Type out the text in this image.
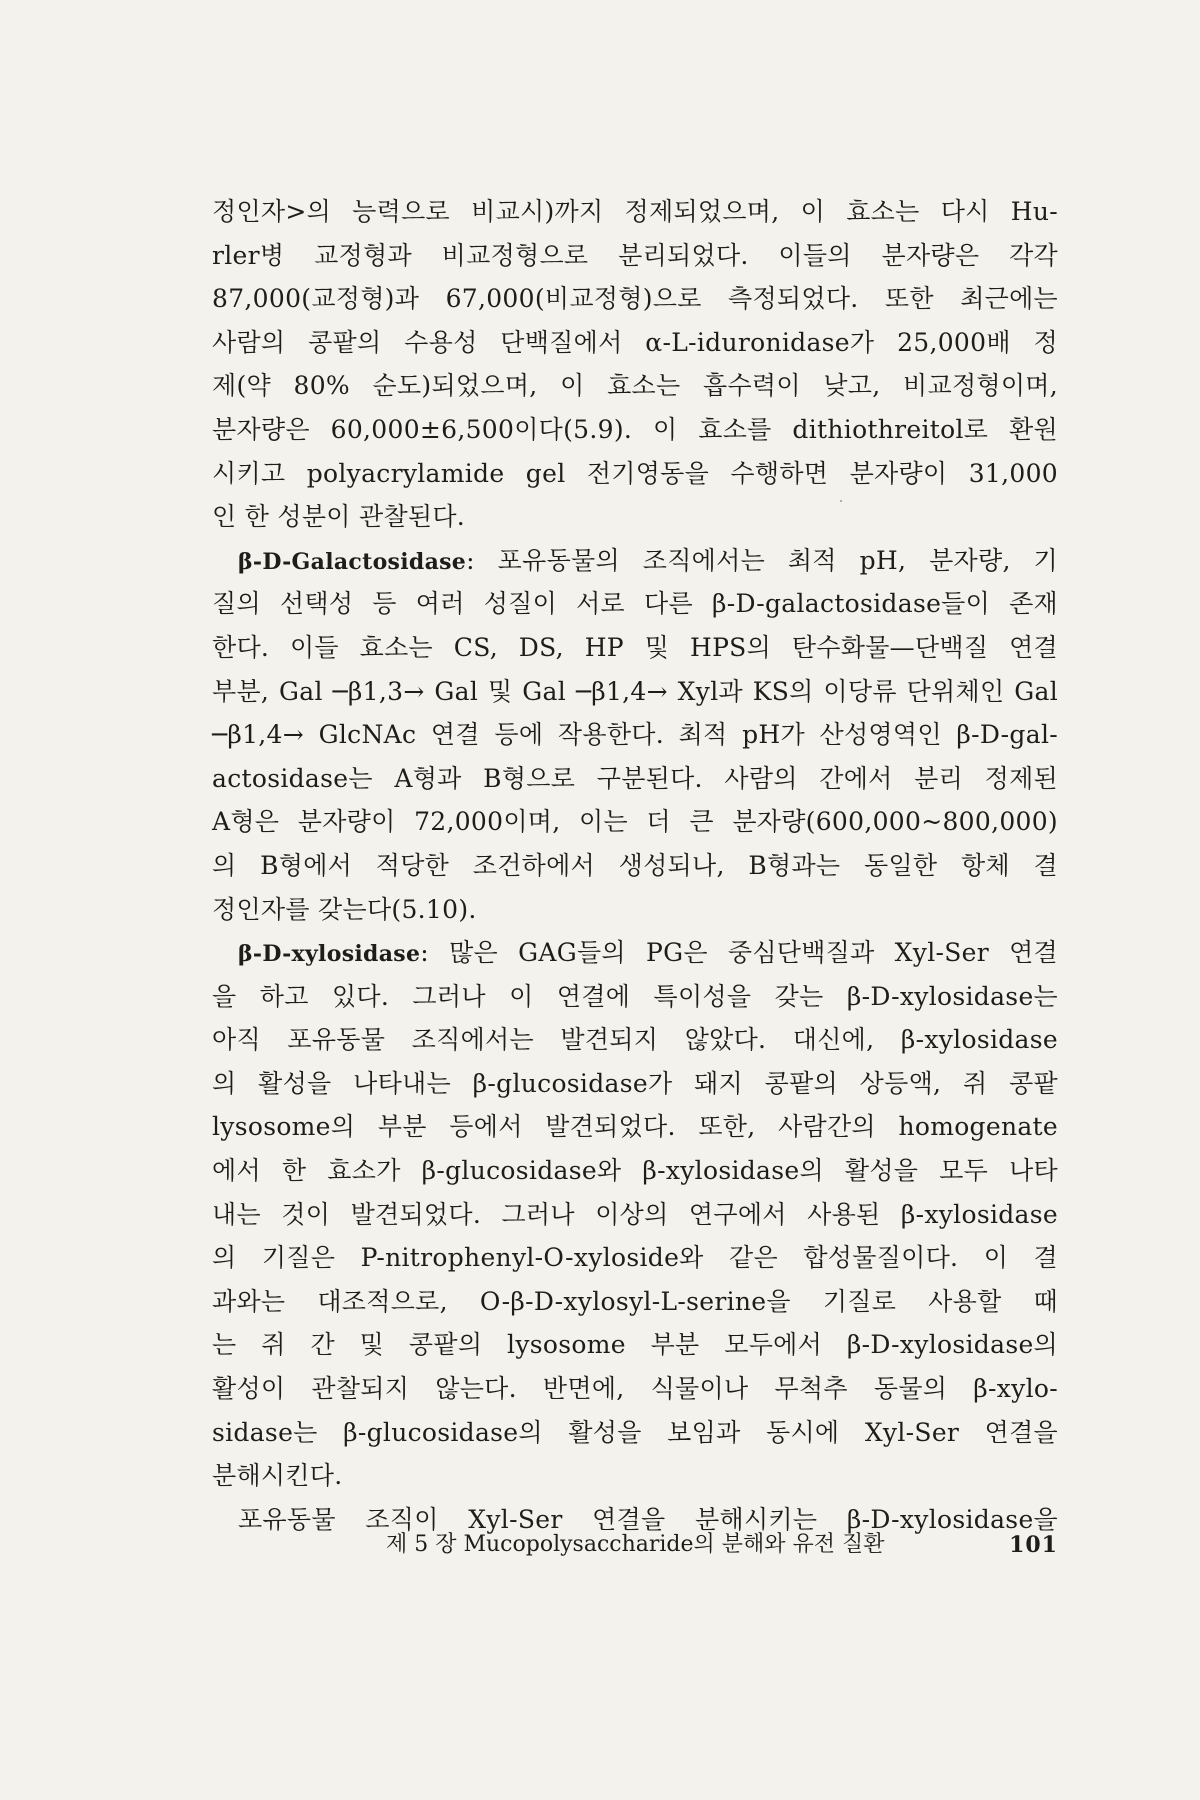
정인자>의 능력으로 비교시)까지 정제되었으며, 이 효소는 다시 Hu-
rler병 교정형과 비교정형으로 분리되었다. 이들의 분자량은 각각
87,000(교정형)과 67,000(비교정형)으로 측정되었다. 또한 최근에는
사람의 콩팥의 수용성 단백질에서 α-L-iduronidase가 25,000배 정
제(약 80% 순도)되었으며, 이 효소는 흡수력이 낮고, 비교정형이며,
분자량은 60,000±6,500이다(5.9). 이 효소를 dithiothreitol로 환원
시키고 polyacrylamide gel 전기영동을 수행하면 분자량이 31,000
인 한 성분이 관찰된다.
β-D-Galactosidase: 포유동물의 조직에서는 최적 pH, 분자량, 기
질의 선택성 등 여러 성질이 서로 다른 β-D-galactosidase들이 존재
한다. 이들 효소는 CS, DS, HP 및 HPS의 탄수화물—단백질 연결
부분, Gal ─β1,3→ Gal 및 Gal ─β1,4→ Xyl과 KS의 이당류 단위체인 Gal
─β1,4→ GlcNAc 연결 등에 작용한다. 최적 pH가 산성영역인 β-D-gal-
actosidase는 A형과 B형으로 구분된다. 사람의 간에서 분리 정제된
A형은 분자량이 72,000이며, 이는 더 큰 분자량(600,000~800,000)
의 B형에서 적당한 조건하에서 생성되나, B형과는 동일한 항체 결
정인자를 갖는다(5.10).
β-D-xylosidase: 많은 GAG들의 PG은 중심단백질과 Xyl-Ser 연결
을 하고 있다. 그러나 이 연결에 특이성을 갖는 β-D-xylosidase는
아직 포유동물 조직에서는 발견되지 않았다. 대신에, β-xylosidase
의 활성을 나타내는 β-glucosidase가 돼지 콩팥의 상등액, 쥐 콩팥
lysosome의 부분 등에서 발견되었다. 또한, 사람간의 homogenate
에서 한 효소가 β-glucosidase와 β-xylosidase의 활성을 모두 나타
내는 것이 발견되었다. 그러나 이상의 연구에서 사용된 β-xylosidase
의 기질은 P-nitrophenyl-O-xyloside와 같은 합성물질이다. 이 결
과와는 대조적으로, O-β-D-xylosyl-L-serine을 기질로 사용할 때
는 쥐 간 및 콩팥의 lysosome 부분 모두에서 β-D-xylosidase의
활성이 관찰되지 않는다. 반면에, 식물이나 무척추 동물의 β-xylo-
sidase는 β-glucosidase의 활성을 보임과 동시에 Xyl-Ser 연결을
분해시킨다.
포유동물 조직이 Xyl-Ser 연결을 분해시키는 β-D-xylosidase을
제 5 장 Mucopolysaccharide의 분해와 유전 질환	101
